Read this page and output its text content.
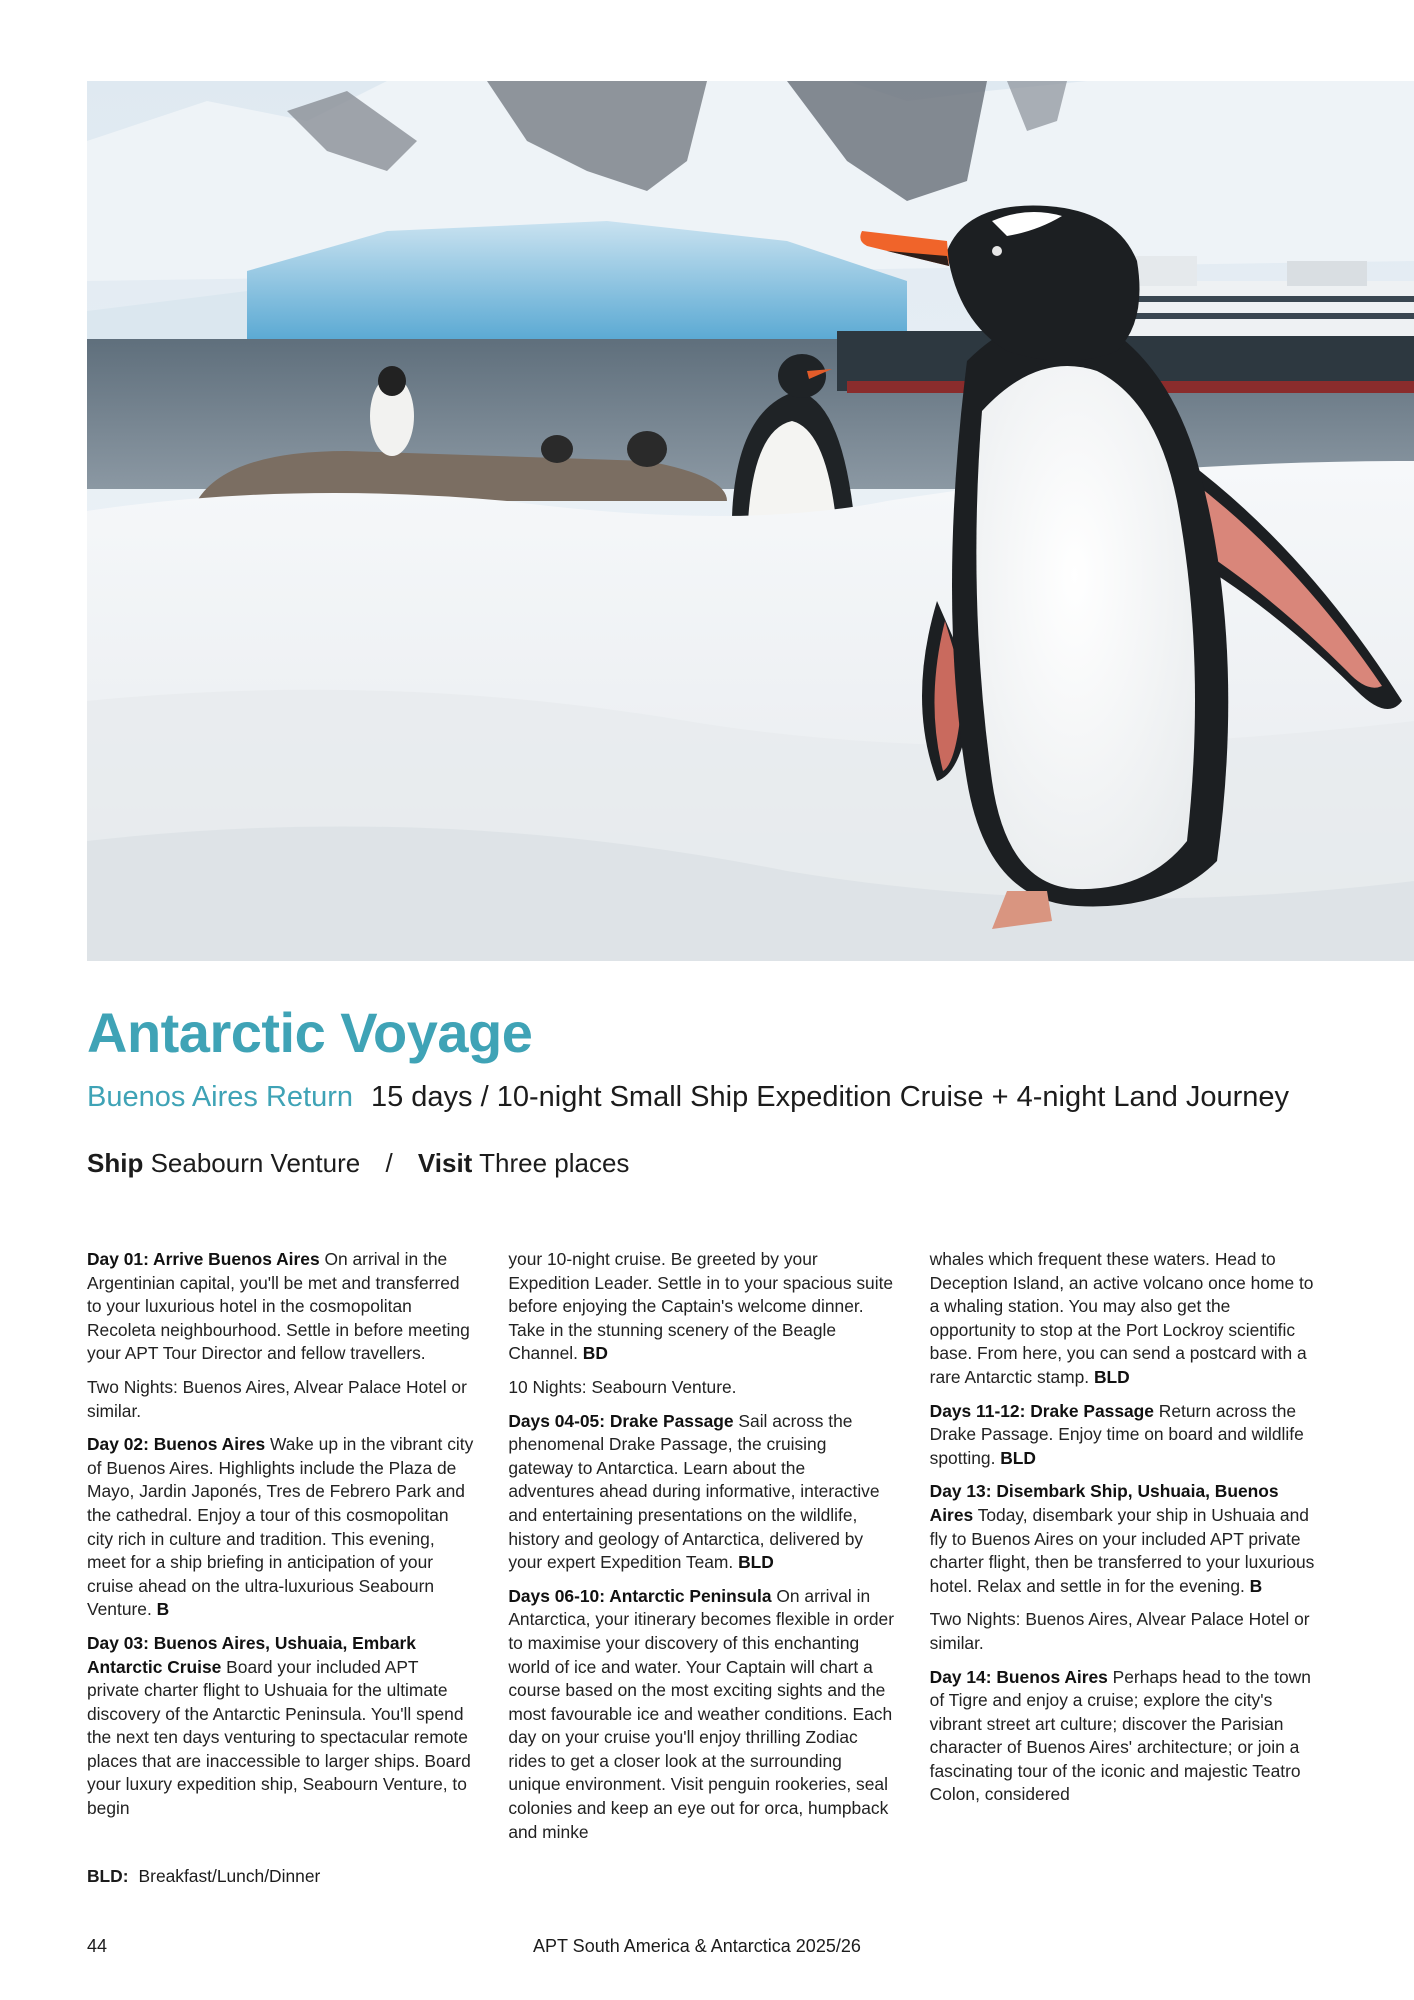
Antarctic Voyage
Buenos Aires Return 15 days / 10-night Small Ship Expedition Cruise + 4-night Land Journey
Ship Seabourn Venture / Visit Three places

Day 01: Arrive Buenos Aires On arrival in the Argentinian capital, you'll be met and transferred to your luxurious hotel in the cosmopolitan Recoleta neighbourhood. Settle in before meeting your APT Tour Director and fellow travellers.

Two Nights: Buenos Aires, Alvear Palace Hotel or similar.

Day 02: Buenos Aires Wake up in the vibrant city of Buenos Aires. Highlights include the Plaza de Mayo, Jardin Japonés, Tres de Febrero Park and the cathedral. Enjoy a tour of this cosmopolitan city rich in culture and tradition. This evening, meet for a ship briefing in anticipation of your cruise ahead on the ultra-luxurious Seabourn Venture. B

Day 03: Buenos Aires, Ushuaia, Embark Antarctic Cruise Board your included APT private charter flight to Ushuaia for the ultimate discovery of the Antarctic Peninsula. You'll spend the next ten days venturing to spectacular remote places that are inaccessible to larger ships. Board your luxury expedition ship, Seabourn Venture, to begin

your 10-night cruise. Be greeted by your Expedition Leader. Settle in to your spacious suite before enjoying the Captain's welcome dinner. Take in the stunning scenery of the Beagle Channel. BD

10 Nights: Seabourn Venture.

Days 04-05: Drake Passage Sail across the phenomenal Drake Passage, the cruising gateway to Antarctica. Learn about the adventures ahead during informative, interactive and entertaining presentations on the wildlife, history and geology of Antarctica, delivered by your expert Expedition Team. BLD

Days 06-10: Antarctic Peninsula On arrival in Antarctica, your itinerary becomes flexible in order to maximise your discovery of this enchanting world of ice and water. Your Captain will chart a course based on the most exciting sights and the most favourable ice and weather conditions. Each day on your cruise you'll enjoy thrilling Zodiac rides to get a closer look at the surrounding unique environment. Visit penguin rookeries, seal colonies and keep an eye out for orca, humpback and minke

whales which frequent these waters. Head to Deception Island, an active volcano once home to a whaling station. You may also get the opportunity to stop at the Port Lockroy scientific base. From here, you can send a postcard with a rare Antarctic stamp. BLD

Days 11-12: Drake Passage Return across the Drake Passage. Enjoy time on board and wildlife spotting. BLD

Day 13: Disembark Ship, Ushuaia, Buenos Aires Today, disembark your ship in Ushuaia and fly to Buenos Aires on your included APT private charter flight, then be transferred to your luxurious hotel. Relax and settle in for the evening. B

Two Nights: Buenos Aires, Alvear Palace Hotel or similar.

Day 14: Buenos Aires Perhaps head to the town of Tigre and enjoy a cruise; explore the city's vibrant street art culture; discover the Parisian character of Buenos Aires' architecture; or join a fascinating tour of the iconic and majestic Teatro Colon, considered

BLD: Breakfast/Lunch/Dinner
44	APT South America & Antarctica 2025/26
